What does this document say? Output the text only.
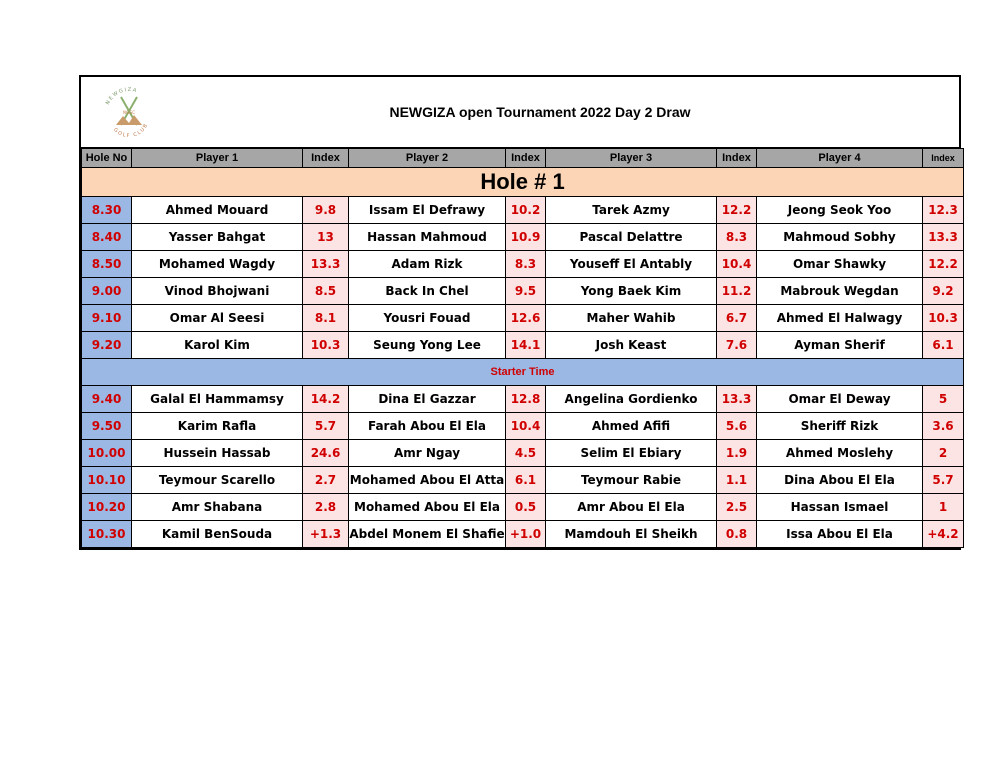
NEWGIZA
GOLF CLUB
NGGC	NEWGIZA open Tournament 2022 Day 2 Draw
Hole No	Player 1	Index	Player 2	Index	Player 3	Index	Player 4	Index
Hole # 1								
8.30	Ahmed Mouard	9.8	Issam El Defrawy	10.2	Tarek Azmy	12.2	Jeong Seok Yoo	12.3
8.40	Yasser Bahgat	13	Hassan Mahmoud	10.9	Pascal Delattre	8.3	Mahmoud Sobhy	13.3
8.50	Mohamed Wagdy	13.3	Adam Rizk	8.3	Youseff El Antably	10.4	Omar Shawky	12.2
9.00	Vinod Bhojwani	8.5	Back In Chel	9.5	Yong Baek Kim	11.2	Mabrouk Wegdan	9.2
9.10	Omar Al Seesi	8.1	Yousri Fouad	12.6	Maher Wahib	6.7	Ahmed El Halwagy	10.3
9.20	Karol Kim	10.3	Seung Yong Lee	14.1	Josh Keast	7.6	Ayman Sherif	6.1
Starter Time								
9.40	Galal El Hammamsy	14.2	Dina El Gazzar	12.8	Angelina Gordienko	13.3	Omar El Deway	5
9.50	Karim Rafla	5.7	Farah Abou El Ela	10.4	Ahmed Afifi	5.6	Sheriff Rizk	3.6
10.00	Hussein Hassab	24.6	Amr Ngay	4.5	Selim El Ebiary	1.9	Ahmed Moslehy	2
10.10	Teymour Scarello	2.7	Mohamed Abou El Atta	6.1	Teymour Rabie	1.1	Dina Abou El Ela	5.7
10.20	Amr Shabana	2.8	Mohamed Abou El Ela	0.5	Amr Abou El Ela	2.5	Hassan Ismael	1
10.30	Kamil BenSouda	+1.3	Abdel Monem El Shafie	+1.0	Mamdouh El Sheikh	0.8	Issa Abou El Ela	+4.2
